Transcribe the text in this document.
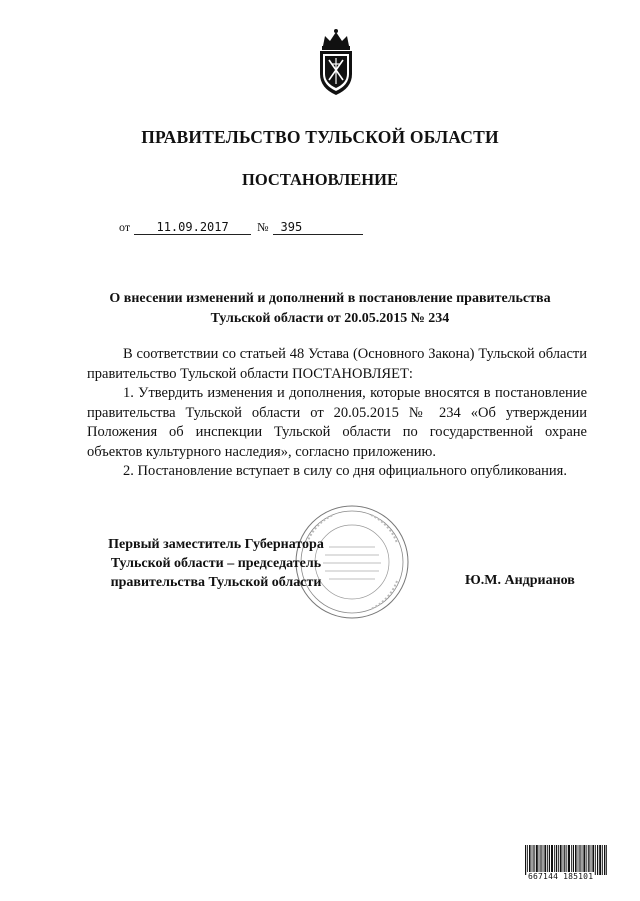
ПРАВИТЕЛЬСТВО ТУЛЬСКОЙ ОБЛАСТИ
ПОСТАНОВЛЕНИЕ
от 11.09.2017 № 395
О внесении изменений и дополнений в постановление правительства
Тульской области от 20.05.2015 № 234

В соответствии со статьей 48 Устава (Основного Закона) Тульской области правительство Тульской области ПОСТАНОВЛЯЕТ:

1. Утвердить изменения и дополнения, которые вносятся в постановление правительства Тульской области от 20.05.2015 № 234 «Об утверждении Положения об инспекции Тульской области по государственной охране объектов культурного наследия», согласно приложению.

2. Постановление вступает в силу со дня официального опубликования.

Первый заместитель Губернатора
Тульской области – председатель
правительства Тульской области	Ю.М. Андрианов
667144 185101
